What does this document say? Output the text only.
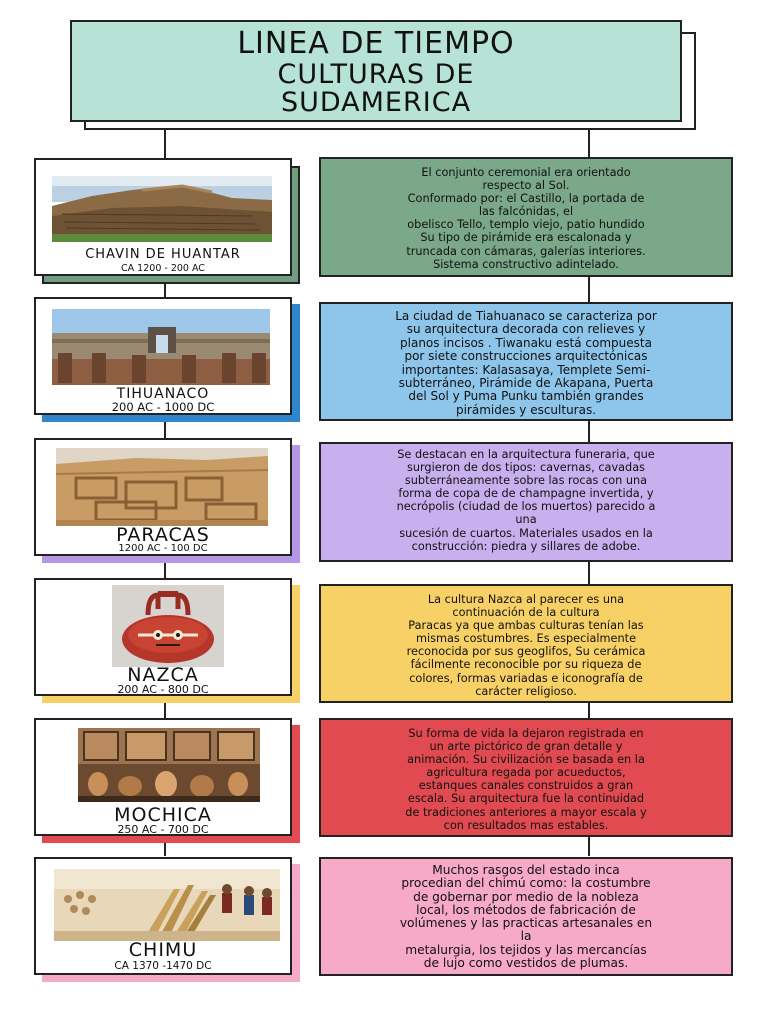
LINEA DE TIEMPO
CULTURAS DE
SUDAMERICA
CHAVIN DE HUANTAR
CA 1200 - 200 AC

El conjunto ceremonial era orientado

respecto al Sol.

Conformado por: el Castillo, la portada de

las falcónidas, el

obelisco Tello, templo viejo, patio hundido

Su tipo de pirámide era escalonada y

truncada con cámaras, galerías interiores.

Sistema constructivo adintelado.

TIHUANACO
200 AC - 1000 DC

La ciudad de Tiahuanaco se caracteriza por

su arquitectura decorada con relieves y

planos incisos . Tiwanaku está compuesta

por siete construcciones arquitectónicas

importantes: Kalasasaya, Templete Semi-

subterráneo, Pirámide de Akapana, Puerta

del Sol y Puma Punku también grandes

pirámides y esculturas.

PARACAS
1200 AC - 100 DC

Se destacan en la arquitectura funeraria, que

surgieron de dos tipos: cavernas, cavadas

subterráneamente sobre las rocas con una

forma de copa de de champagne invertida, y

necrópolis (ciudad de los muertos) parecido a

una

sucesión de cuartos. Materiales usados en la

construcción: piedra y sillares de adobe.

NAZCA
200 AC - 800 DC

La cultura Nazca al parecer es una

continuación de la cultura

Paracas ya que ambas culturas tenían las

mismas costumbres. Es especialmente

reconocida por sus geoglifos, Su cerámica

fácilmente reconocible por su riqueza de

colores, formas variadas e iconografía de

carácter religioso.

MOCHICA
250 AC - 700 DC

Su forma de vida la dejaron registrada en

un arte pictórico de gran detalle y

animación. Su civilización se basada en la

agricultura regada por acueductos,

estanques canales construidos a gran

escala. Su arquitectura fue la continuidad

de tradiciones anteriores a mayor escala y

con resultados mas estables.

CHIMU
CA 1370 -1470 DC

Muchos rasgos del estado inca

procedian del chimú como: la costumbre

de gobernar por medio de la nobleza

local, los métodos de fabricación de

volúmenes y las practicas artesanales en

la

metalurgia, los tejidos y las mercancías

de lujo como vestidos de plumas.
